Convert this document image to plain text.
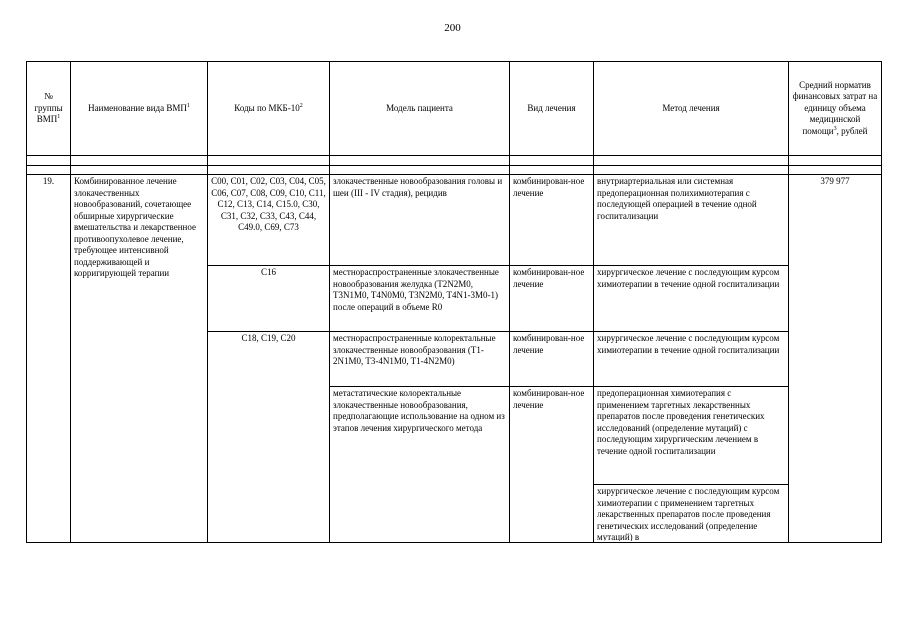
200
№ группы ВМП$^1$	Наименование вида ВМП$^1$	Коды по МКБ-$10^2$	Модель пациента	Вид лечения	Метод лечения	Средний норматив финансовых затрат на единицу объема медицинской помощи$^3$, рублей

19.	Комбинированное лечение злокачественных новообразований, сочетающее обширные хирургические вмешательства и лекарственное противоопухолевое лечение, требующее интенсивной поддерживающей и корригирующей терапии	C00, C01, C02, C03, C04, C05, C06, C07, C08, C09, C10, C11, C12, C13, C14, C15.0, C30, C31, C32, C33, C43, C44, C49.0, C69, C73	злокачественные новообразования головы и шеи (III - IV стадия), рецидив	комбинирован-ное лечение	внутриартериальная или системная предоперационная полихимиотерапия с последующей операцией в течение одной госпитализации	379 977
		C16	местнораспространенные злокачественные новообразования желудка (T2N2M0, T3N1M0, T4N0M0, T3N2M0, T4N1-3M0-1) после операций в объеме R0	комбинирован-ное лечение	хирургическое лечение с последующим курсом химиотерапии в течение одной госпитализации	
		C18, C19, C20	местнораспространенные колоректальные злокачественные новообразования (T1-2N1M0, T3-4N1M0, T1-4N2M0)	комбинирован-ное лечение	хирургическое лечение с последующим курсом химиотерапии в течение одной госпитализации	
			метастатические колоректальные злокачественные новообразования, предполагающие использование на одном из этапов лечения хирургического метода	комбинирован-ное лечение	предоперационная химиотерапия с применением таргетных лекарственных препаратов после проведения генетических исследований (определение мутаций) с последующим хирургическим лечением в течение одной госпитализации	

					хирургическое лечение с последующим курсом химиотерапии с применением таргетных лекарственных препаратов после проведения генетических исследований (определение мутаций) в	
